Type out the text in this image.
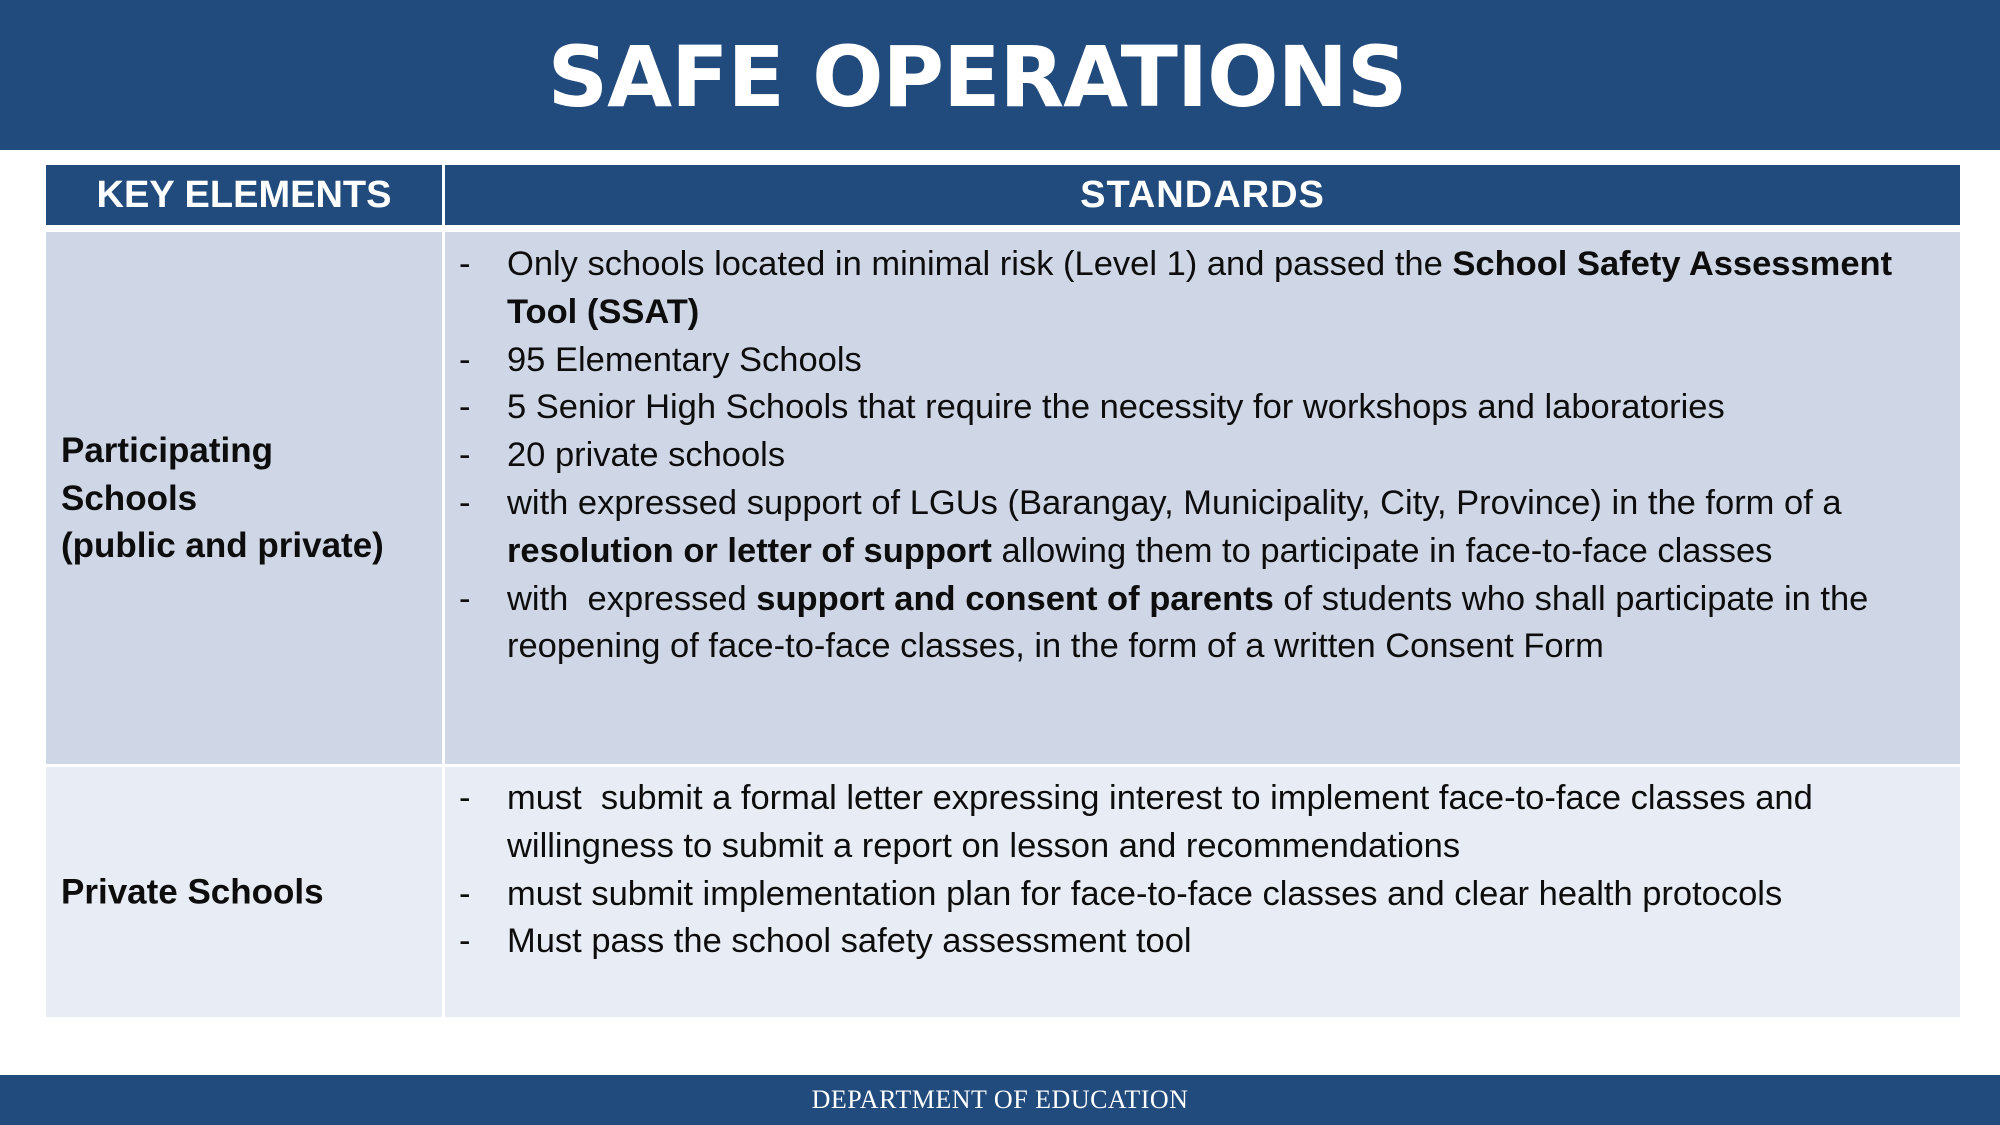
SAFE OPERATIONS
KEY ELEMENTS	STANDARDS
Participating
Schools
(public and private)
- Only schools located in minimal risk (Level 1) and passed the School Safety Assessment Tool (SSAT)
- 95 Elementary Schools
- 5 Senior High Schools that require the necessity for workshops and laboratories
- 20 private schools
- with expressed support of LGUs (Barangay, Municipality, City, Province) in the form of a resolution or letter of support allowing them to participate in face-to-face classes
- with  expressed support and consent of parents of students who shall participate in the reopening of face-to-face classes, in the form of a written Consent Form
Private Schools
- must  submit a formal letter expressing interest to implement face-to-face classes and willingness to submit a report on lesson and recommendations
- must submit implementation plan for face-to-face classes and clear health protocols
- Must pass the school safety assessment tool
DEPARTMENT OF EDUCATION
